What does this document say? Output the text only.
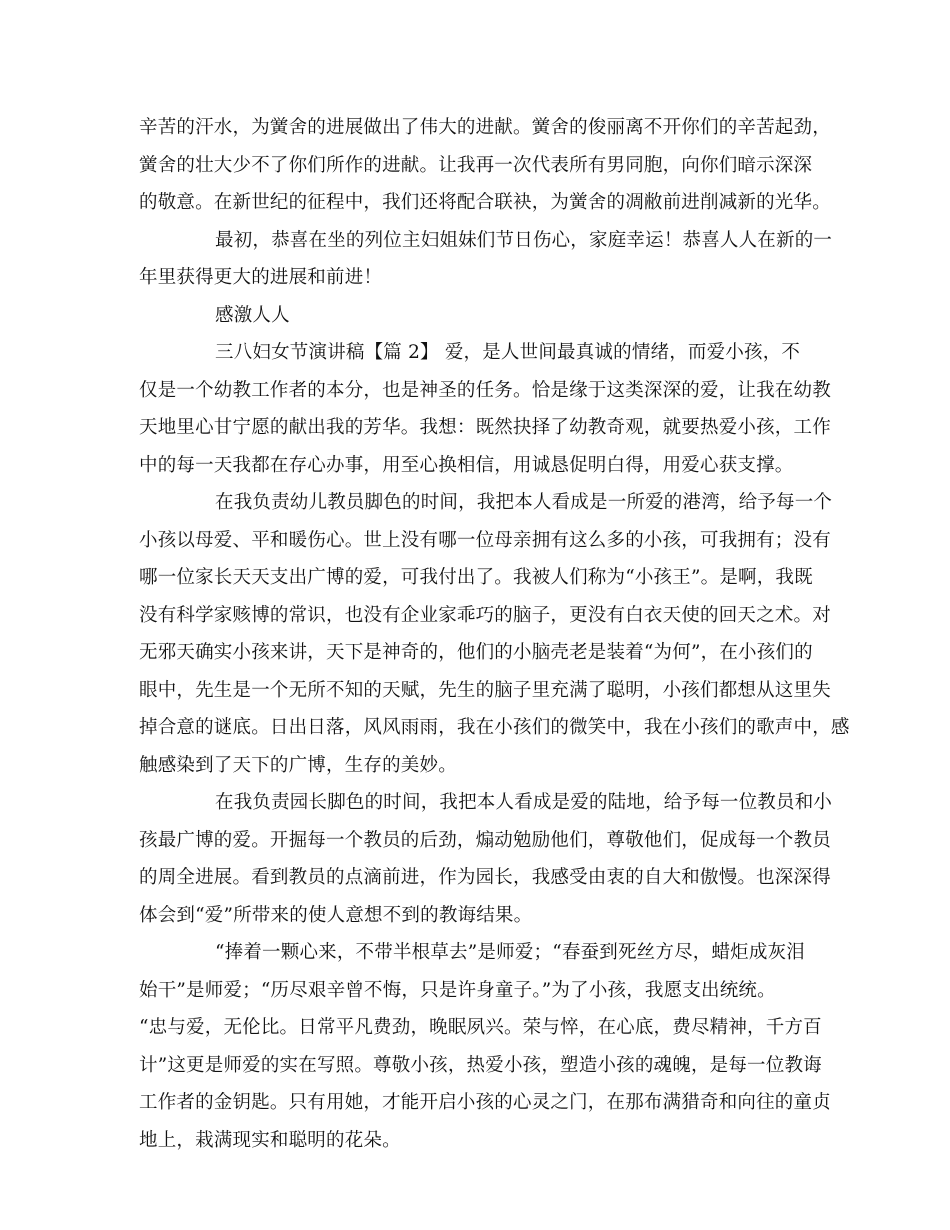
辛苦的汗水，为黉舍的进展做出了伟大的进献。黉舍的俊丽离不开你们的辛苦起劲，
黉舍的壮大少不了你们所作的进献。让我再一次代表所有男同胞，向你们暗示深深
的敬意。在新世纪的征程中，我们还将配合联袂，为黉舍的凋敝前进削减新的光华。
最初，恭喜在坐的列位主妇姐妹们节日伤心，家庭幸运！恭喜人人在新的一
年里获得更大的进展和前进！
感激人人
三八妇女节演讲稿【篇 2】 爱，是人世间最真诚的情绪，而爱小孩，不
仅是一个幼教工作者的本分，也是神圣的任务。恰是缘于这类深深的爱，让我在幼教
天地里心甘宁愿的献出我的芳华。我想：既然抉择了幼教奇观，就要热爱小孩，工作
中的每一天我都在存心办事，用至心换相信，用诚恳促明白得，用爱心获支撑。
在我负责幼儿教员脚色的时间，我把本人看成是一所爱的港湾，给予每一个
小孩以母爱、平和暖伤心。世上没有哪一位母亲拥有这么多的小孩，可我拥有；没有
哪一位家长天天支出广博的爱，可我付出了。我被人们称为“小孩王”。是啊，我既
没有科学家赅博的常识，也没有企业家乖巧的脑子，更没有白衣天使的回天之术。对
无邪天确实小孩来讲，天下是神奇的，他们的小脑壳老是装着“为何”，在小孩们的
眼中，先生是一个无所不知的天赋，先生的脑子里充满了聪明，小孩们都想从这里失
掉合意的谜底。日出日落，风风雨雨，我在小孩们的微笑中，我在小孩们的歌声中，感
触感染到了天下的广博，生存的美妙。
在我负责园长脚色的时间，我把本人看成是爱的陆地，给予每一位教员和小
孩最广博的爱。开掘每一个教员的后劲，煽动勉励他们，尊敬他们，促成每一个教员
的周全进展。看到教员的点滴前进，作为园长，我感受由衷的自大和傲慢。也深深得
体会到“爱”所带来的使人意想不到的教诲结果。
“捧着一颗心来，不带半根草去”是师爱；“春蚕到死丝方尽，蜡炬成灰泪
始干”是师爱；“历尽艰辛曾不悔，只是许身童子。”为了小孩，我愿支出统统。
“忠与爱，无伦比。日常平凡费劲，晚眠夙兴。荣与悴，在心底，费尽精神，千方百
计”这更是师爱的实在写照。尊敬小孩，热爱小孩，塑造小孩的魂魄，是每一位教诲
工作者的金钥匙。只有用她，才能开启小孩的心灵之门，在那布满猎奇和向往的童贞
地上，栽满现实和聪明的花朵。
